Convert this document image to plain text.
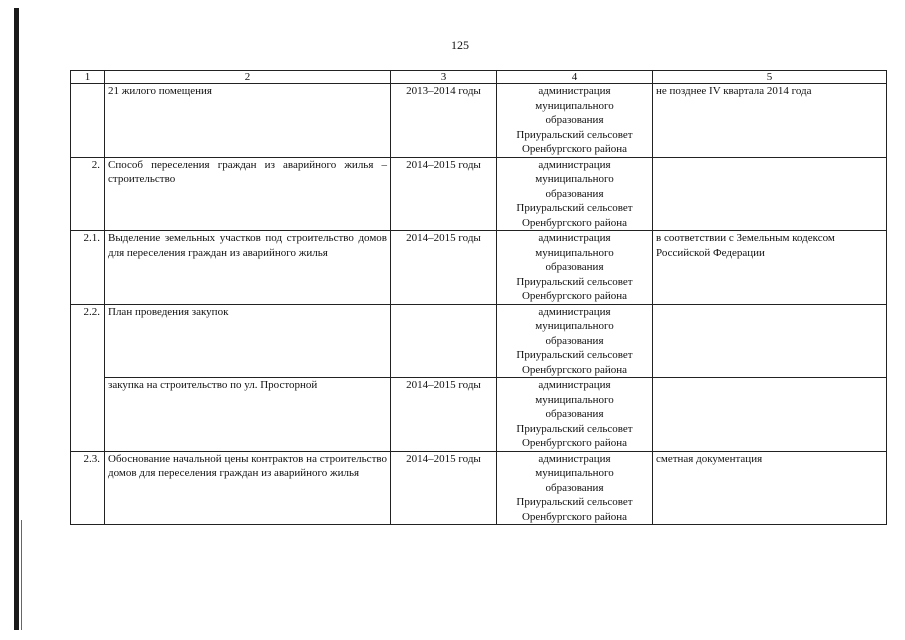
125
1	2	3	4	5
	21 жилого помещения	2013–2014 годы	администрация
муниципального
образования
Приуральский сельсовет
Оренбургского района	не позднее IV квартала 2014 года
2.	Способ переселения граждан из аварийного жилья – строительство	2014–2015 годы	администрация
муниципального
образования
Приуральский сельсовет
Оренбургского района	

2.1.	Выделение земельных участков под строительство домов для переселения граждан из аварийного жилья	2014–2015 годы	администрация
муниципального
образования
Приуральский сельсовет
Оренбургского района	в соответствии с Земельным кодексом Российской Федерации
2.2.	План проведения закупок		администрация
муниципального
образования
Приуральский сельсовет
Оренбургского района	

	закупка на строительство по ул. Просторной	2014–2015 годы	администрация
муниципального
образования
Приуральский сельсовет
Оренбургского района	

2.3.	Обоснование начальной цены контрактов на строительство домов для переселения граждан из аварийного жилья	2014–2015 годы	администрация
муниципального
образования
Приуральский сельсовет
Оренбургского района	сметная документация
